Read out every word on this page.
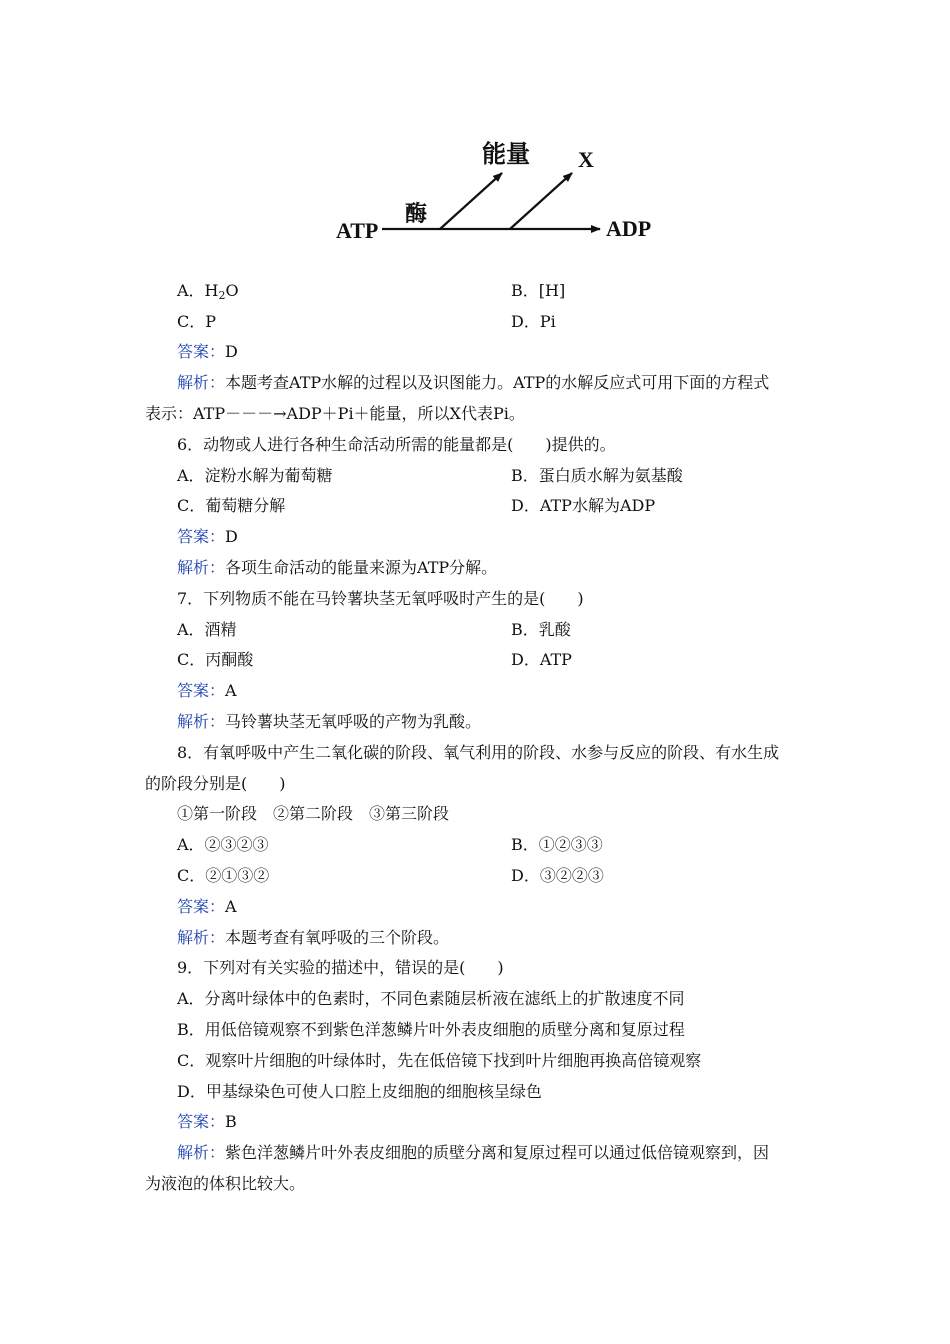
ATP
酶
能量 X
ADP
A．$H_2O$	B．[H]
C．P	D．Pi
答案：D
解析：本题考查ATP水解的过程以及识图能力。ATP的水解反应式可用下面的方程式
表示：ATP－－－→ADP＋Pi＋能量，所以X代表Pi。
6．动物或人进行各种生命活动所需的能量都是(　　)提供的。
A．淀粉水解为葡萄糖	B．蛋白质水解为氨基酸
C．葡萄糖分解	D．ATP水解为ADP
答案：D
解析：各项生命活动的能量来源为ATP分解。
7．下列物质不能在马铃薯块茎无氧呼吸时产生的是(　　)
A．酒精	B．乳酸
C．丙酮酸	D．ATP
答案：A
解析：马铃薯块茎无氧呼吸的产物为乳酸。
8．有氧呼吸中产生二氧化碳的阶段、氧气利用的阶段、水参与反应的阶段、有水生成
的阶段分别是(　　)
①第一阶段　②第二阶段　③第三阶段
A．②③②③	B．①②③③
C．②①③②	D．③②②③
答案：A
解析：本题考查有氧呼吸的三个阶段。
9．下列对有关实验的描述中，错误的是(　　)
A．分离叶绿体中的色素时，不同色素随层析液在滤纸上的扩散速度不同
B．用低倍镜观察不到紫色洋葱鳞片叶外表皮细胞的质壁分离和复原过程
C．观察叶片细胞的叶绿体时，先在低倍镜下找到叶片细胞再换高倍镜观察
D．甲基绿染色可使人口腔上皮细胞的细胞核呈绿色
答案：B
解析：紫色洋葱鳞片叶外表皮细胞的质壁分离和复原过程可以通过低倍镜观察到，因
为液泡的体积比较大。
